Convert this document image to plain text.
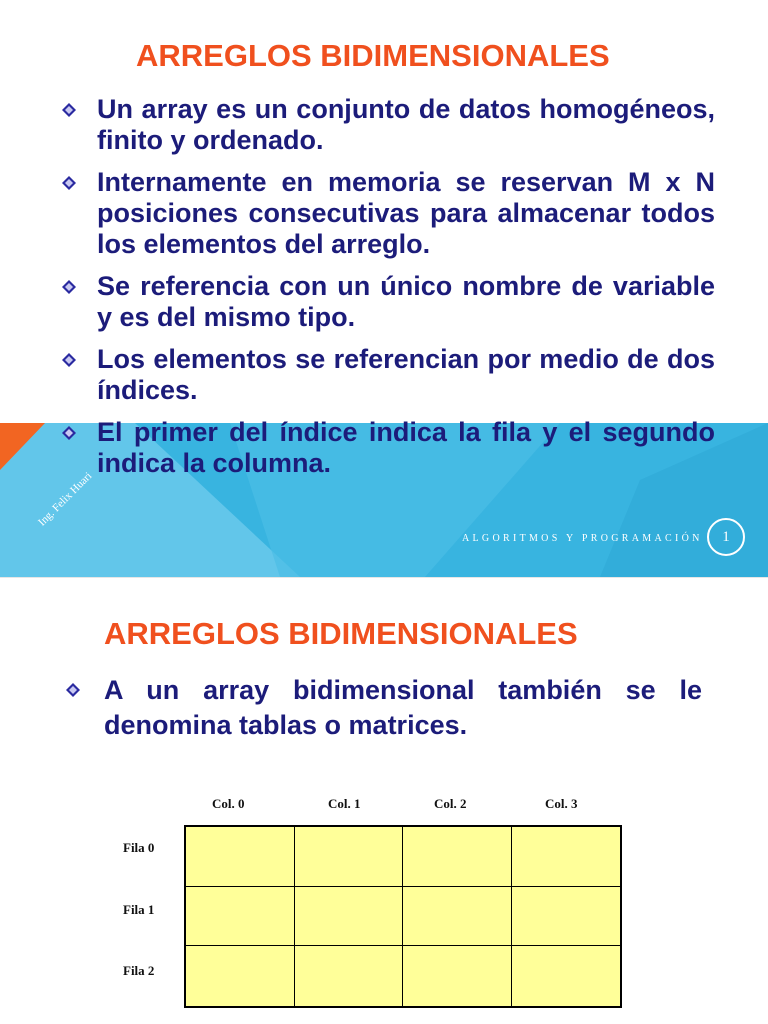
ARREGLOS BIDIMENSIONALES
Un array es un conjunto de datos homogéneos, finito y ordenado.
Internamente en memoria se reservan M x N posiciones consecutivas para almacenar todos los elementos del arreglo.
Se referencia con un único nombre de variable y es del mismo tipo.
Los elementos se referencian por medio de dos índices.
El primer del índice indica la fila y el segundo indica la columna.
ALGORITMOS Y PROGRAMACIÓN	1
Ing. Felix Huari
ARREGLOS BIDIMENSIONALES
A un array bidimensional también se le denomina tablas o matrices.
Col. 0	Col. 1	Col. 2	Col. 3
Fila 0
Fila 1
Fila 2
